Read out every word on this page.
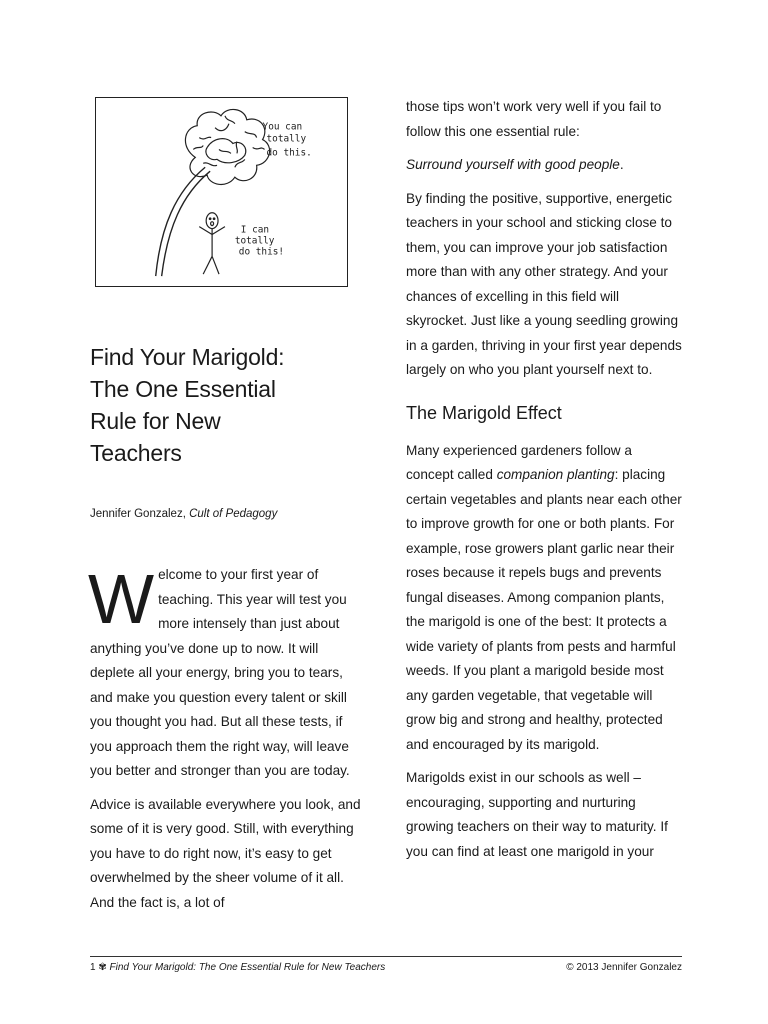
You can
totally
do this.
I can
totally
do this!
Find Your Marigold:
The One Essential
Rule for New
Teachers
Jennifer Gonzalez, Cult of Pedagogy

Welcome to your first year of teaching. This year will test you more intensely than just about anything you’ve done up to now. It will deplete all your energy, bring you to tears, and make you question every talent or skill you thought you had. But all these tests, if you approach them the right way, will leave you better and stronger than you are today.

Advice is available everywhere you look, and some of it is very good. Still, with everything you have to do right now, it’s easy to get overwhelmed by the sheer volume of it all. And the fact is, a lot of

those tips won’t work very well if you fail to follow this one essential rule:

Surround yourself with good people.

By finding the positive, supportive, energetic teachers in your school and sticking close to them, you can improve your job satisfaction more than with any other strategy. And your chances of excelling in this field will skyrocket. Just like a young seedling growing in a garden, thriving in your first year depends largely on who you plant yourself next to.

The Marigold Effect

Many experienced gardeners follow a concept called companion planting: placing certain vegetables and plants near each other to improve growth for one or both plants. For example, rose growers plant garlic near their roses because it repels bugs and prevents fungal diseases. Among companion plants, the marigold is one of the best: It protects a wide variety of plants from pests and harmful weeds. If you plant a marigold beside most any garden vegetable, that vegetable will grow big and strong and healthy, protected and encouraged by its marigold.

Marigolds exist in our schools as well – encouraging, supporting and nurturing growing teachers on their way to maturity. If you can find at least one marigold in your

1 ✾ Find Your Marigold: The One Essential Rule for New Teachers	© 2013 Jennifer Gonzalez
